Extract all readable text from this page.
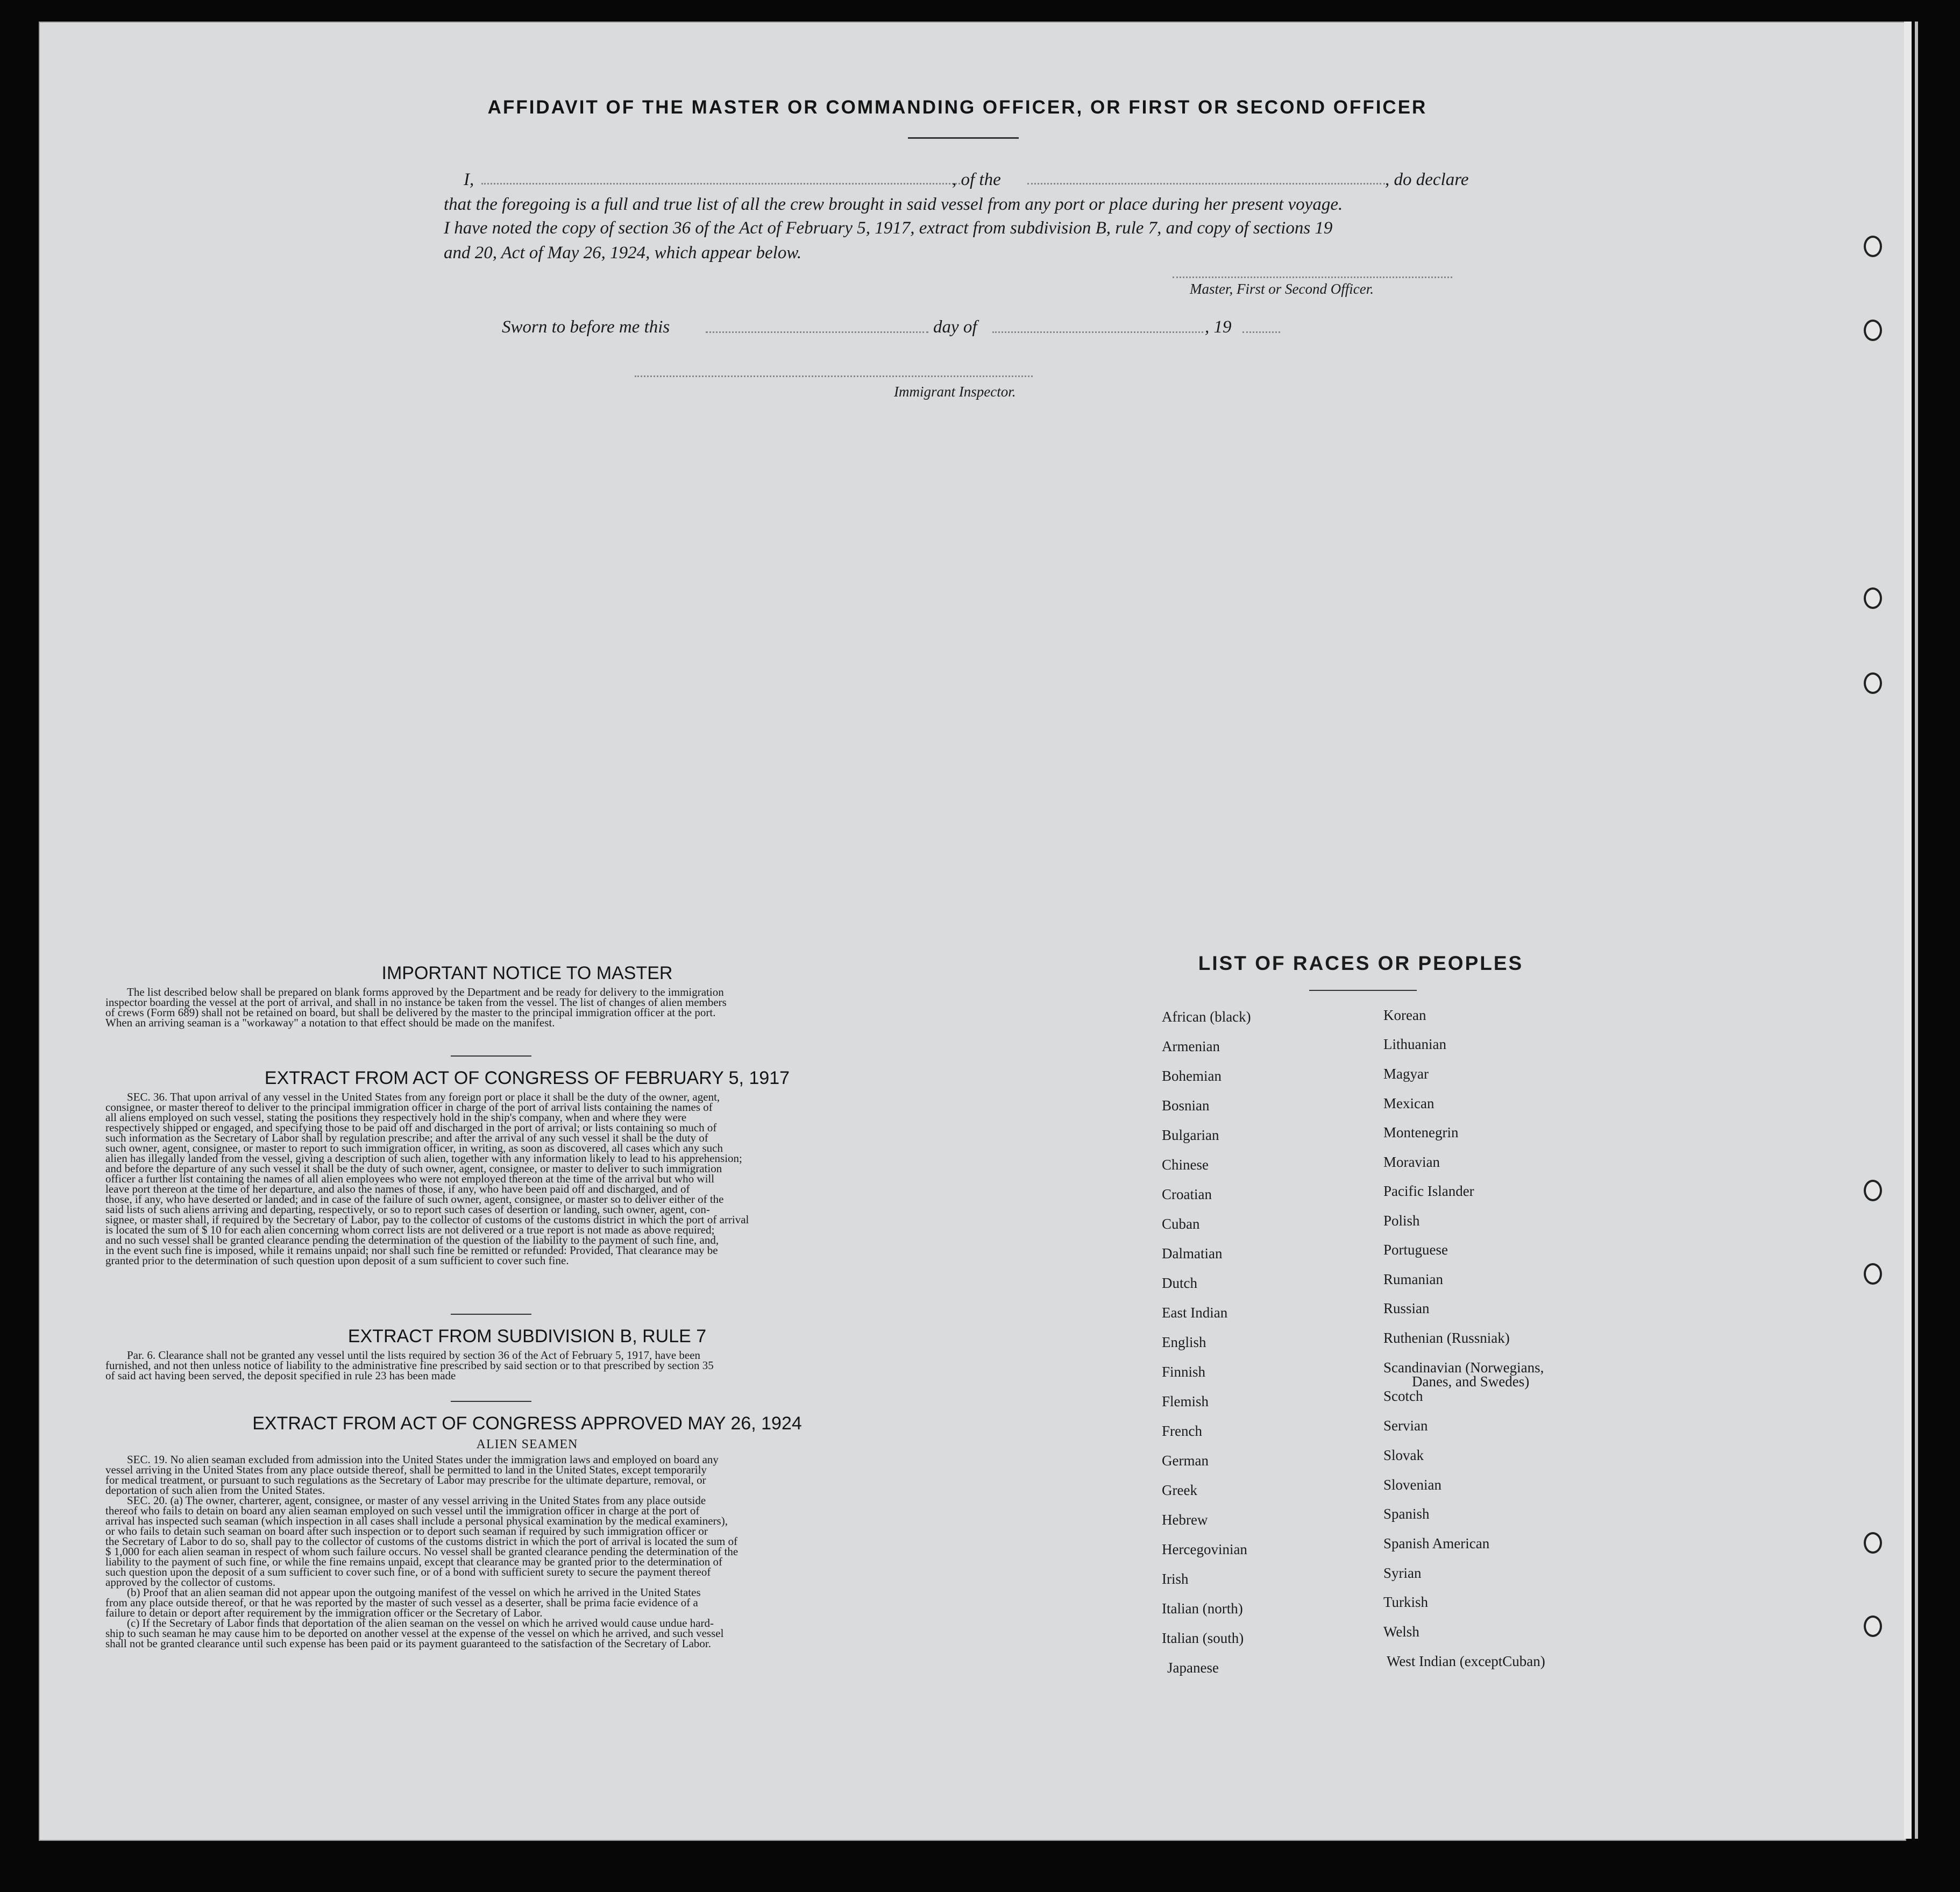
AFFIDAVIT OF THE MASTER OR COMMANDING OFFICER, OR FIRST OR SECOND OFFICER
I,	, of the	, do declare
that the foregoing is a full and true list of all the crew brought in said vessel from any port or place during her present voyage.
I have noted the copy of section 36 of the Act of February 5, 1917, extract from subdivision B, rule 7, and copy of sections 19
and 20, Act of May 26, 1924, which appear below.
Master, First or Second Officer.
Sworn to before me this	day of	, 19
Immigrant Inspector.
IMPORTANT NOTICE TO MASTER
The list described below shall be prepared on blank forms approved by the Department and be ready for delivery to the immigration
inspector boarding the vessel at the port of arrival, and shall in no instance be taken from the vessel. The list of changes of alien members
of crews (Form 689) shall not be retained on board, but shall be delivered by the master to the principal immigration officer at the port.
When an arriving seaman is a "workaway" a notation to that effect should be made on the manifest.
EXTRACT FROM ACT OF CONGRESS OF FEBRUARY 5, 1917
SEC. 36. That upon arrival of any vessel in the United States from any foreign port or place it shall be the duty of the owner, agent,
consignee, or master thereof to deliver to the principal immigration officer in charge of the port of arrival lists containing the names of
all aliens employed on such vessel, stating the positions they respectively hold in the ship's company, when and where they were
respectively shipped or engaged, and specifying those to be paid off and discharged in the port of arrival; or lists containing so much of
such information as the Secretary of Labor shall by regulation prescribe; and after the arrival of any such vessel it shall be the duty of
such owner, agent, consignee, or master to report to such immigration officer, in writing, as soon as discovered, all cases which any such
alien has illegally landed from the vessel, giving a description of such alien, together with any information likely to lead to his apprehension;
and before the departure of any such vessel it shall be the duty of such owner, agent, consignee, or master to deliver to such immigration
officer a further list containing the names of all alien employees who were not employed thereon at the time of the arrival but who will
leave port thereon at the time of her departure, and also the names of those, if any, who have been paid off and discharged, and of
those, if any, who have deserted or landed; and in case of the failure of such owner, agent, consignee, or master so to deliver either of the
said lists of such aliens arriving and departing, respectively, or so to report such cases of desertion or landing, such owner, agent, con-
signee, or master shall, if required by the Secretary of Labor, pay to the collector of customs of the customs district in which the port of arrival
is located the sum of $ 10 for each alien concerning whom correct lists are not delivered or a true report is not made as above required;
and no such vessel shall be granted clearance pending the determination of the question of the liability to the payment of such fine, and,
in the event such fine is imposed, while it remains unpaid; nor shall such fine be remitted or refunded: Provided, That clearance may be
granted prior to the determination of such question upon deposit of a sum sufficient to cover such fine.
EXTRACT FROM SUBDIVISION B, RULE 7
Par. 6. Clearance shall not be granted any vessel until the lists required by section 36 of the Act of February 5, 1917, have been
furnished, and not then unless notice of liability to the administrative fine prescribed by said section or to that prescribed by section 35
of said act having been served, the deposit specified in rule 23 has been made
EXTRACT FROM ACT OF CONGRESS APPROVED MAY 26, 1924
ALIEN SEAMEN
SEC. 19. No alien seaman excluded from admission into the United States under the immigration laws and employed on board any
vessel arriving in the United States from any place outside thereof, shall be permitted to land in the United States, except temporarily
for medical treatment, or pursuant to such regulations as the Secretary of Labor may prescribe for the ultimate departure, removal, or
deportation of such alien from the United States.
SEC. 20. (a) The owner, charterer, agent, consignee, or master of any vessel arriving in the United States from any place outside
thereof who fails to detain on board any alien seaman employed on such vessel until the immigration officer in charge at the port of
arrival has inspected such seaman (which inspection in all cases shall include a personal physical examination by the medical examiners),
or who fails to detain such seaman on board after such inspection or to deport such seaman if required by such immigration officer or
the Secretary of Labor to do so, shall pay to the collector of customs of the customs district in which the port of arrival is located the sum of
$ 1,000 for each alien seaman in respect of whom such failure occurs. No vessel shall be granted clearance pending the determination of the
liability to the payment of such fine, or while the fine remains unpaid, except that clearance may be granted prior to the determination of
such question upon the deposit of a sum sufficient to cover such fine, or of a bond with sufficient surety to secure the payment thereof
approved by the collector of customs.
(b) Proof that an alien seaman did not appear upon the outgoing manifest of the vessel on which he arrived in the United States
from any place outside thereof, or that he was reported by the master of such vessel as a deserter, shall be prima facie evidence of a
failure to detain or deport after requirement by the immigration officer or the Secretary of Labor.
(c) If the Secretary of Labor finds that deportation of the alien seaman on the vessel on which he arrived would cause undue hard-
ship to such seaman he may cause him to be deported on another vessel at the expense of the vessel on which he arrived, and such vessel
shall not be granted clearance until such expense has been paid or its payment guaranteed to the satisfaction of the Secretary of Labor.
LIST OF RACES OR PEOPLES
African (black)
Armenian
Bohemian
Bosnian
Bulgarian
Chinese
Croatian
Cuban
Dalmatian
Dutch
East Indian
English
Finnish
Flemish
French
German
Greek
Hebrew
Hercegovinian
Irish
Italian (north)
Italian (south)
Japanese
Korean
Lithuanian
Magyar
Mexican
Montenegrin
Moravian
Pacific Islander
Polish
Portuguese
Rumanian
Russian
Ruthenian (Russniak)
Scandinavian (Norwegians,
Danes, and Swedes)
Scotch
Servian
Slovak
Slovenian
Spanish
Spanish American
Syrian
Turkish
Welsh
West Indian (exceptCuban)
